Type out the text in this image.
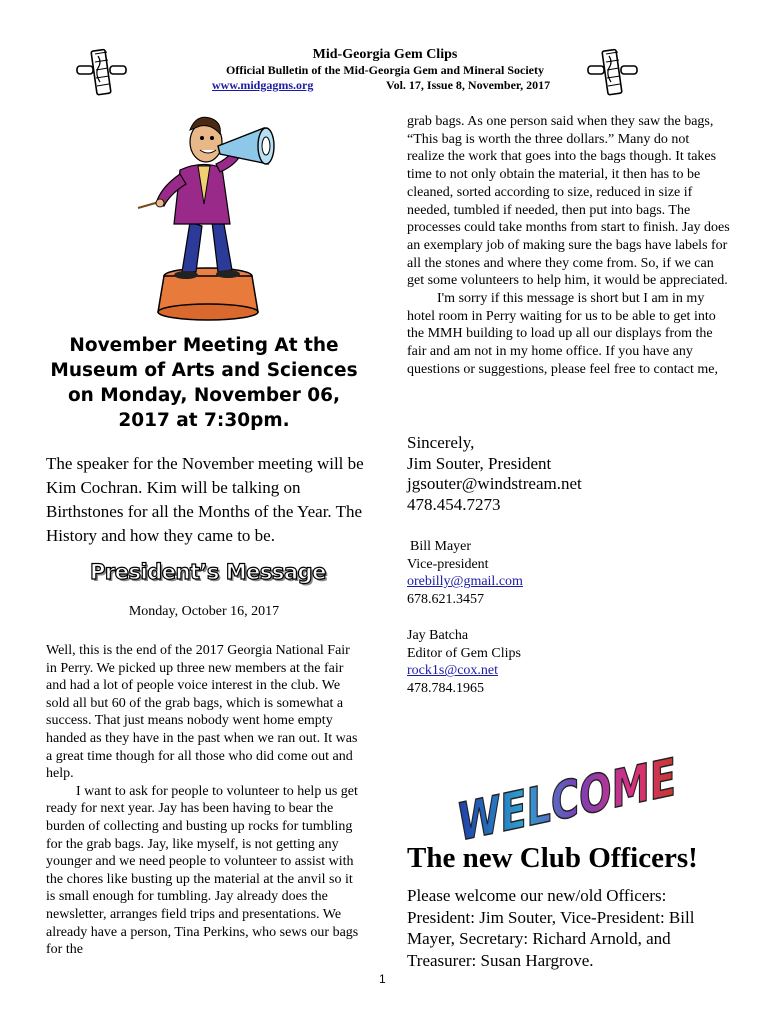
Mid-Georgia Gem Clips
Official Bulletin of the Mid-Georgia Gem and Mineral Society
www.midgagms.org	Vol. 17, Issue 8, November, 2017

grab bags. As one person said when they saw the bags, “This bag is worth the three dollars.” Many do not realize the work that goes into the bags though. It takes time to not only obtain the material, it then has to be cleaned, sorted according to size, reduced in size if needed, tumbled if needed, then put into bags. The processes could take months from start to finish. Jay does an exemplary job of making sure the bags have labels for all the stones and where they come from. So, if we can get some volunteers to help him, it would be appreciated.

I'm sorry if this message is short but I am in my hotel room in Perry waiting for us to be able to get into the MMH building to load up all our displays from the fair and am not in my home office. If you have any questions or suggestions, please feel free to contact me,

November Meeting At the Museum of Arts and Sciences on Monday, November 06, 2017 at 7:30pm.
The speaker for the November meeting will be Kim Cochran. Kim will be talking on Birthstones for all the Months of the Year. The History and how they came to be.
President’s Message
Monday, October 16, 2017

Well, this is the end of the 2017 Georgia National Fair in Perry. We picked up three new members at the fair and had a lot of people voice interest in the club. We sold all but 60 of the grab bags, which is somewhat a success. That just means nobody went home empty handed as they have in the past when we ran out. It was a great time though for all those who did come out and help.

I want to ask for people to volunteer to help us get ready for next year. Jay has been having to bear the burden of collecting and busting up rocks for tumbling for the grab bags. Jay, like myself, is not getting any younger and we need people to volunteer to assist with the chores like busting up the material at the anvil so it is small enough for tumbling. Jay already does the newsletter, arranges field trips and presentations. We already have a person, Tina Perkins, who sews our bags for the

Sincerely,
Jim Souter, President
jgsouter@windstream.net
478.454.7273
Bill Mayer
Vice-president
orebilly@gmail.com
678.621.3457
Jay Batcha
Editor of Gem Clips
rock1s@cox.net
478.784.1965
WELCOME
The new Club Officers!
Please welcome our new/old Officers: President: Jim Souter, Vice-President: Bill Mayer, Secretary: Richard Arnold, and Treasurer: Susan Hargrove.
1
